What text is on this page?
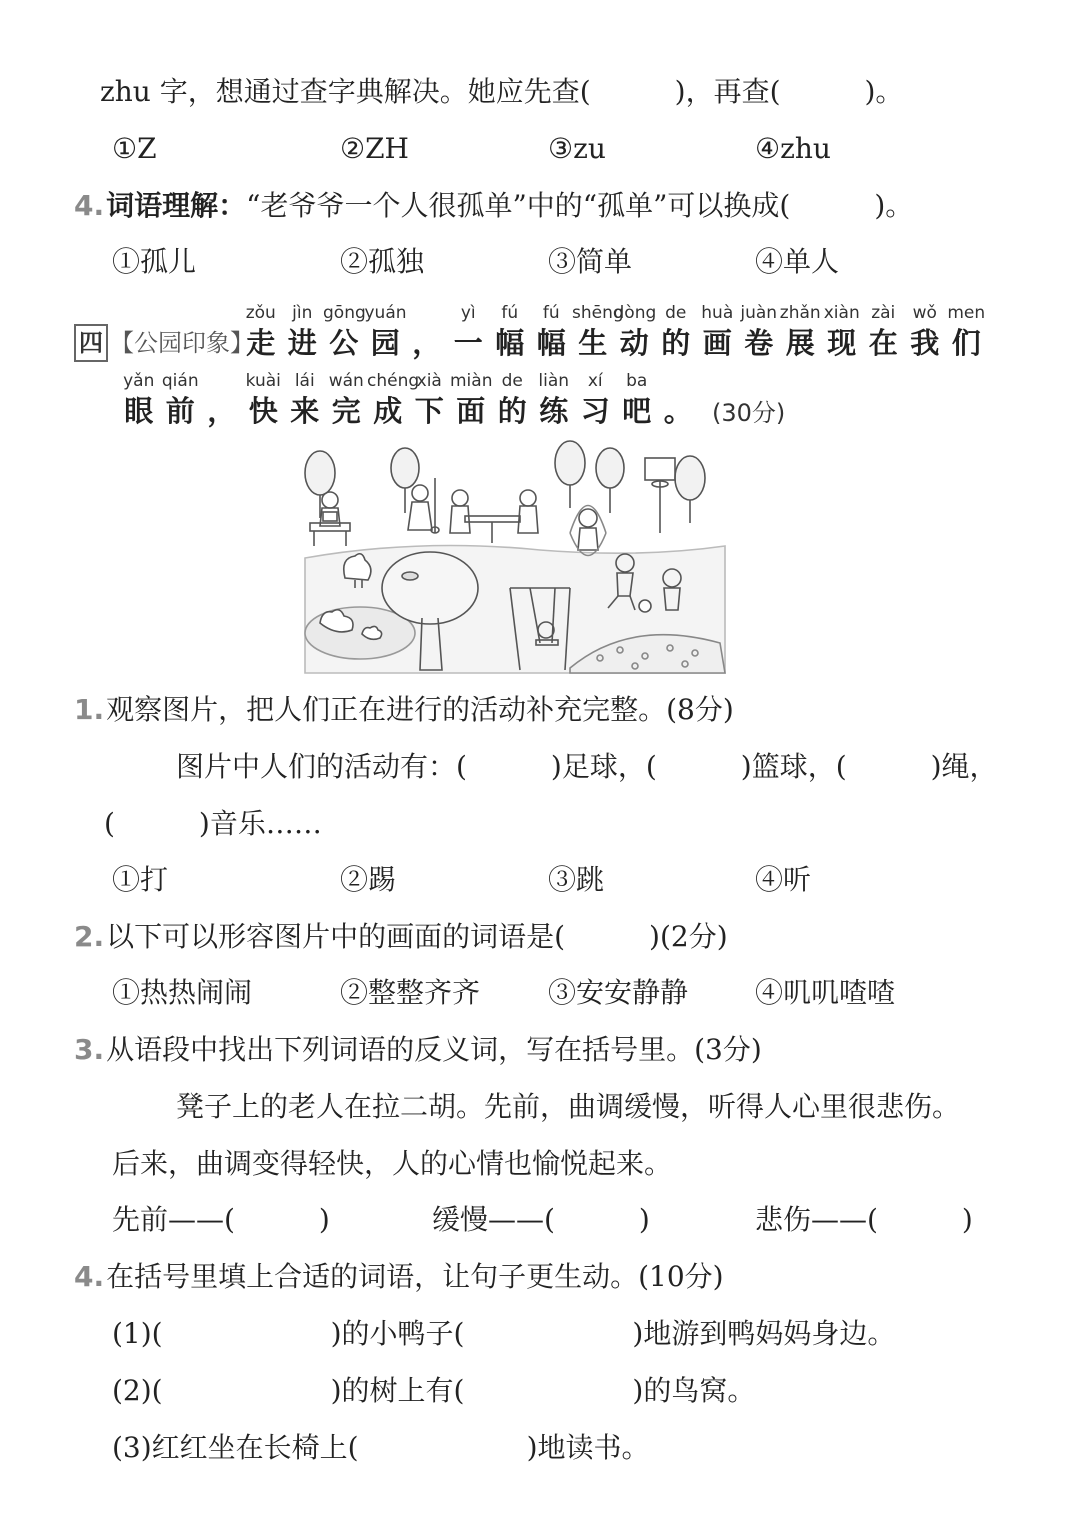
zhu 字，想通过查字典解决。她应先查(　　　)，再查(　　　)。
①Z	②ZH	③zu	④zhu
4.词语理解：“老爷爷一个人很孤单”中的“孤单”可以换成(　　　)。
①孤儿	②孤独	③简单	④单人
四 【公园印象】
zǒu
走
jìn
进
gōng
公
yuán
园
，
yì
一
fú
幅
fú
幅
shēng
生
dòng
动
de
的
huà
画
juàn
卷
zhǎn
展
xiàn
现
zài
在
wǒ
我
men
们
yǎn
眼
qián
前
，
kuài
快
lái
来
wán
完
chéng
成
xià
下
miàn
面
de
的
liàn
练
xí
习
ba
吧
。 (30分)
1.观察图片，把人们正在进行的活动补充完整。(8分)
图片中人们的活动有：(　　　)足球，(　　　)篮球，(　　　)绳，
(　　　)音乐……
①打	②踢	③跳	④听
2.以下可以形容图片中的画面的词语是(　　　)(2分)
①热热闹闹	②整整齐齐 ③安安静静 ④叽叽喳喳
3.从语段中找出下列词语的反义词，写在括号里。(3分)
凳子上的老人在拉二胡。先前，曲调缓慢，听得人心里很悲伤。
后来，曲调变得轻快，人的心情也愉悦起来。
先前——(　　　)	缓慢——(　　　)	悲伤——(　　　)
4.在括号里填上合适的词语，让句子更生动。(10分)
(1)(　　　　　　)的小鸭子(　　　　　　)地游到鸭妈妈身边。
(2)(　　　　　　)的树上有(　　　　　　)的鸟窝。
(3)红红坐在长椅上(　　　　　　)地读书。
